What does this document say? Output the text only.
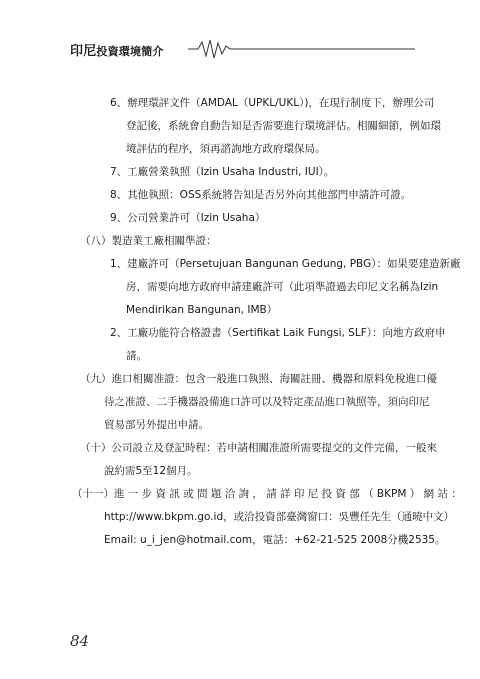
印尼投資環境簡介
6、辦理環評文件（AMDAL（UPKL/UKL）)，在現行制度下，辦理公司
登記後，系統會自動告知是否需要進行環境評估。相關細節，例如環
境評估的程序，須再諮詢地方政府環保局。
7、工廠營業執照（Izin Usaha Industri, IUI）。
8、其他執照：OSS系統將告知是否另外向其他部門申請許可證。
9、公司營業許可（Izin Usaha）
（八）製造業工廠相關準證：
1、建廠許可（Persetujuan Bangunan Gedung, PBG）：如果要建造新廠
房，需要向地方政府申請建廠許可（此項準證過去印尼文名稱為Izin
Mendirikan Bangunan, IMB）
2、工廠功能符合格證書（Sertifikat Laik Fungsi, SLF）：向地方政府申
請。
（九）進口相關准證：包含一般進口執照、海關註冊、機器和原料免稅進口優
待之准證、二手機器設備進口許可以及特定產品進口執照等，須向印尼
貿易部另外提出申請。
（十）公司設立及登記時程：若申請相關准證所需要提交的文件完備，一般來
說約需5至12個月。
（十一）進 一 步 資 訊 或 問 題 洽 詢 ， 請 詳 印 尼 投 資 部 （ BKPM ） 網 站 ：
http://www.bkpm.go.id，或洽投資部臺灣窗口：吳豐任先生（通曉中文）
Email: u_i_jen@hotmail.com，電話：+62-21-525 2008分機2535。
84
